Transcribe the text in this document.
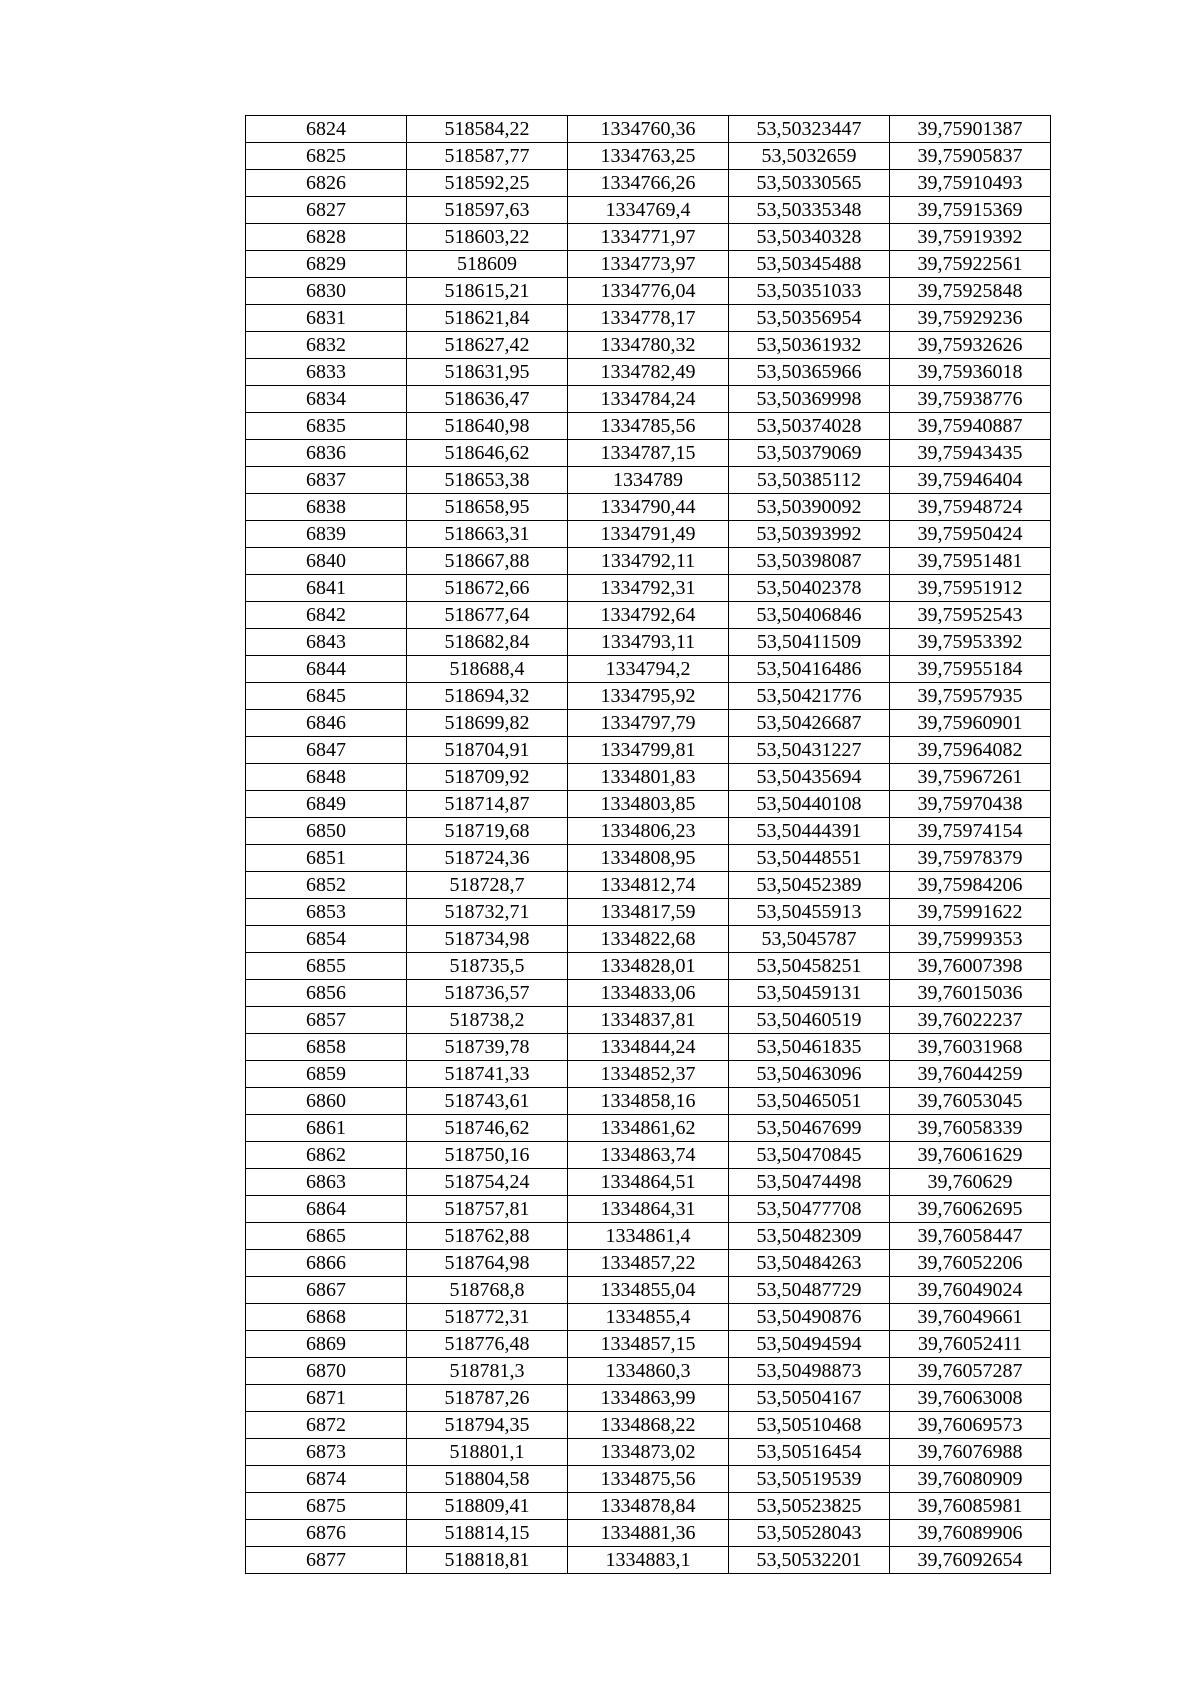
6824	518584,22	1334760,36	53,50323447	39,75901387
6825	518587,77	1334763,25	53,5032659	39,75905837
6826	518592,25	1334766,26	53,50330565	39,75910493
6827	518597,63	1334769,4	53,50335348	39,75915369
6828	518603,22	1334771,97	53,50340328	39,75919392
6829	518609	1334773,97	53,50345488	39,75922561
6830	518615,21	1334776,04	53,50351033	39,75925848
6831	518621,84	1334778,17	53,50356954	39,75929236
6832	518627,42	1334780,32	53,50361932	39,75932626
6833	518631,95	1334782,49	53,50365966	39,75936018
6834	518636,47	1334784,24	53,50369998	39,75938776
6835	518640,98	1334785,56	53,50374028	39,75940887
6836	518646,62	1334787,15	53,50379069	39,75943435
6837	518653,38	1334789	53,50385112	39,75946404
6838	518658,95	1334790,44	53,50390092	39,75948724
6839	518663,31	1334791,49	53,50393992	39,75950424
6840	518667,88	1334792,11	53,50398087	39,75951481
6841	518672,66	1334792,31	53,50402378	39,75951912
6842	518677,64	1334792,64	53,50406846	39,75952543
6843	518682,84	1334793,11	53,50411509	39,75953392
6844	518688,4	1334794,2	53,50416486	39,75955184
6845	518694,32	1334795,92	53,50421776	39,75957935
6846	518699,82	1334797,79	53,50426687	39,75960901
6847	518704,91	1334799,81	53,50431227	39,75964082
6848	518709,92	1334801,83	53,50435694	39,75967261
6849	518714,87	1334803,85	53,50440108	39,75970438
6850	518719,68	1334806,23	53,50444391	39,75974154
6851	518724,36	1334808,95	53,50448551	39,75978379
6852	518728,7	1334812,74	53,50452389	39,75984206
6853	518732,71	1334817,59	53,50455913	39,75991622
6854	518734,98	1334822,68	53,5045787	39,75999353
6855	518735,5	1334828,01	53,50458251	39,76007398
6856	518736,57	1334833,06	53,50459131	39,76015036
6857	518738,2	1334837,81	53,50460519	39,76022237
6858	518739,78	1334844,24	53,50461835	39,76031968
6859	518741,33	1334852,37	53,50463096	39,76044259
6860	518743,61	1334858,16	53,50465051	39,76053045
6861	518746,62	1334861,62	53,50467699	39,76058339
6862	518750,16	1334863,74	53,50470845	39,76061629
6863	518754,24	1334864,51	53,50474498	39,760629
6864	518757,81	1334864,31	53,50477708	39,76062695
6865	518762,88	1334861,4	53,50482309	39,76058447
6866	518764,98	1334857,22	53,50484263	39,76052206
6867	518768,8	1334855,04	53,50487729	39,76049024
6868	518772,31	1334855,4	53,50490876	39,76049661
6869	518776,48	1334857,15	53,50494594	39,76052411
6870	518781,3	1334860,3	53,50498873	39,76057287
6871	518787,26	1334863,99	53,50504167	39,76063008
6872	518794,35	1334868,22	53,50510468	39,76069573
6873	518801,1	1334873,02	53,50516454	39,76076988
6874	518804,58	1334875,56	53,50519539	39,76080909
6875	518809,41	1334878,84	53,50523825	39,76085981
6876	518814,15	1334881,36	53,50528043	39,76089906
6877	518818,81	1334883,1	53,50532201	39,76092654
